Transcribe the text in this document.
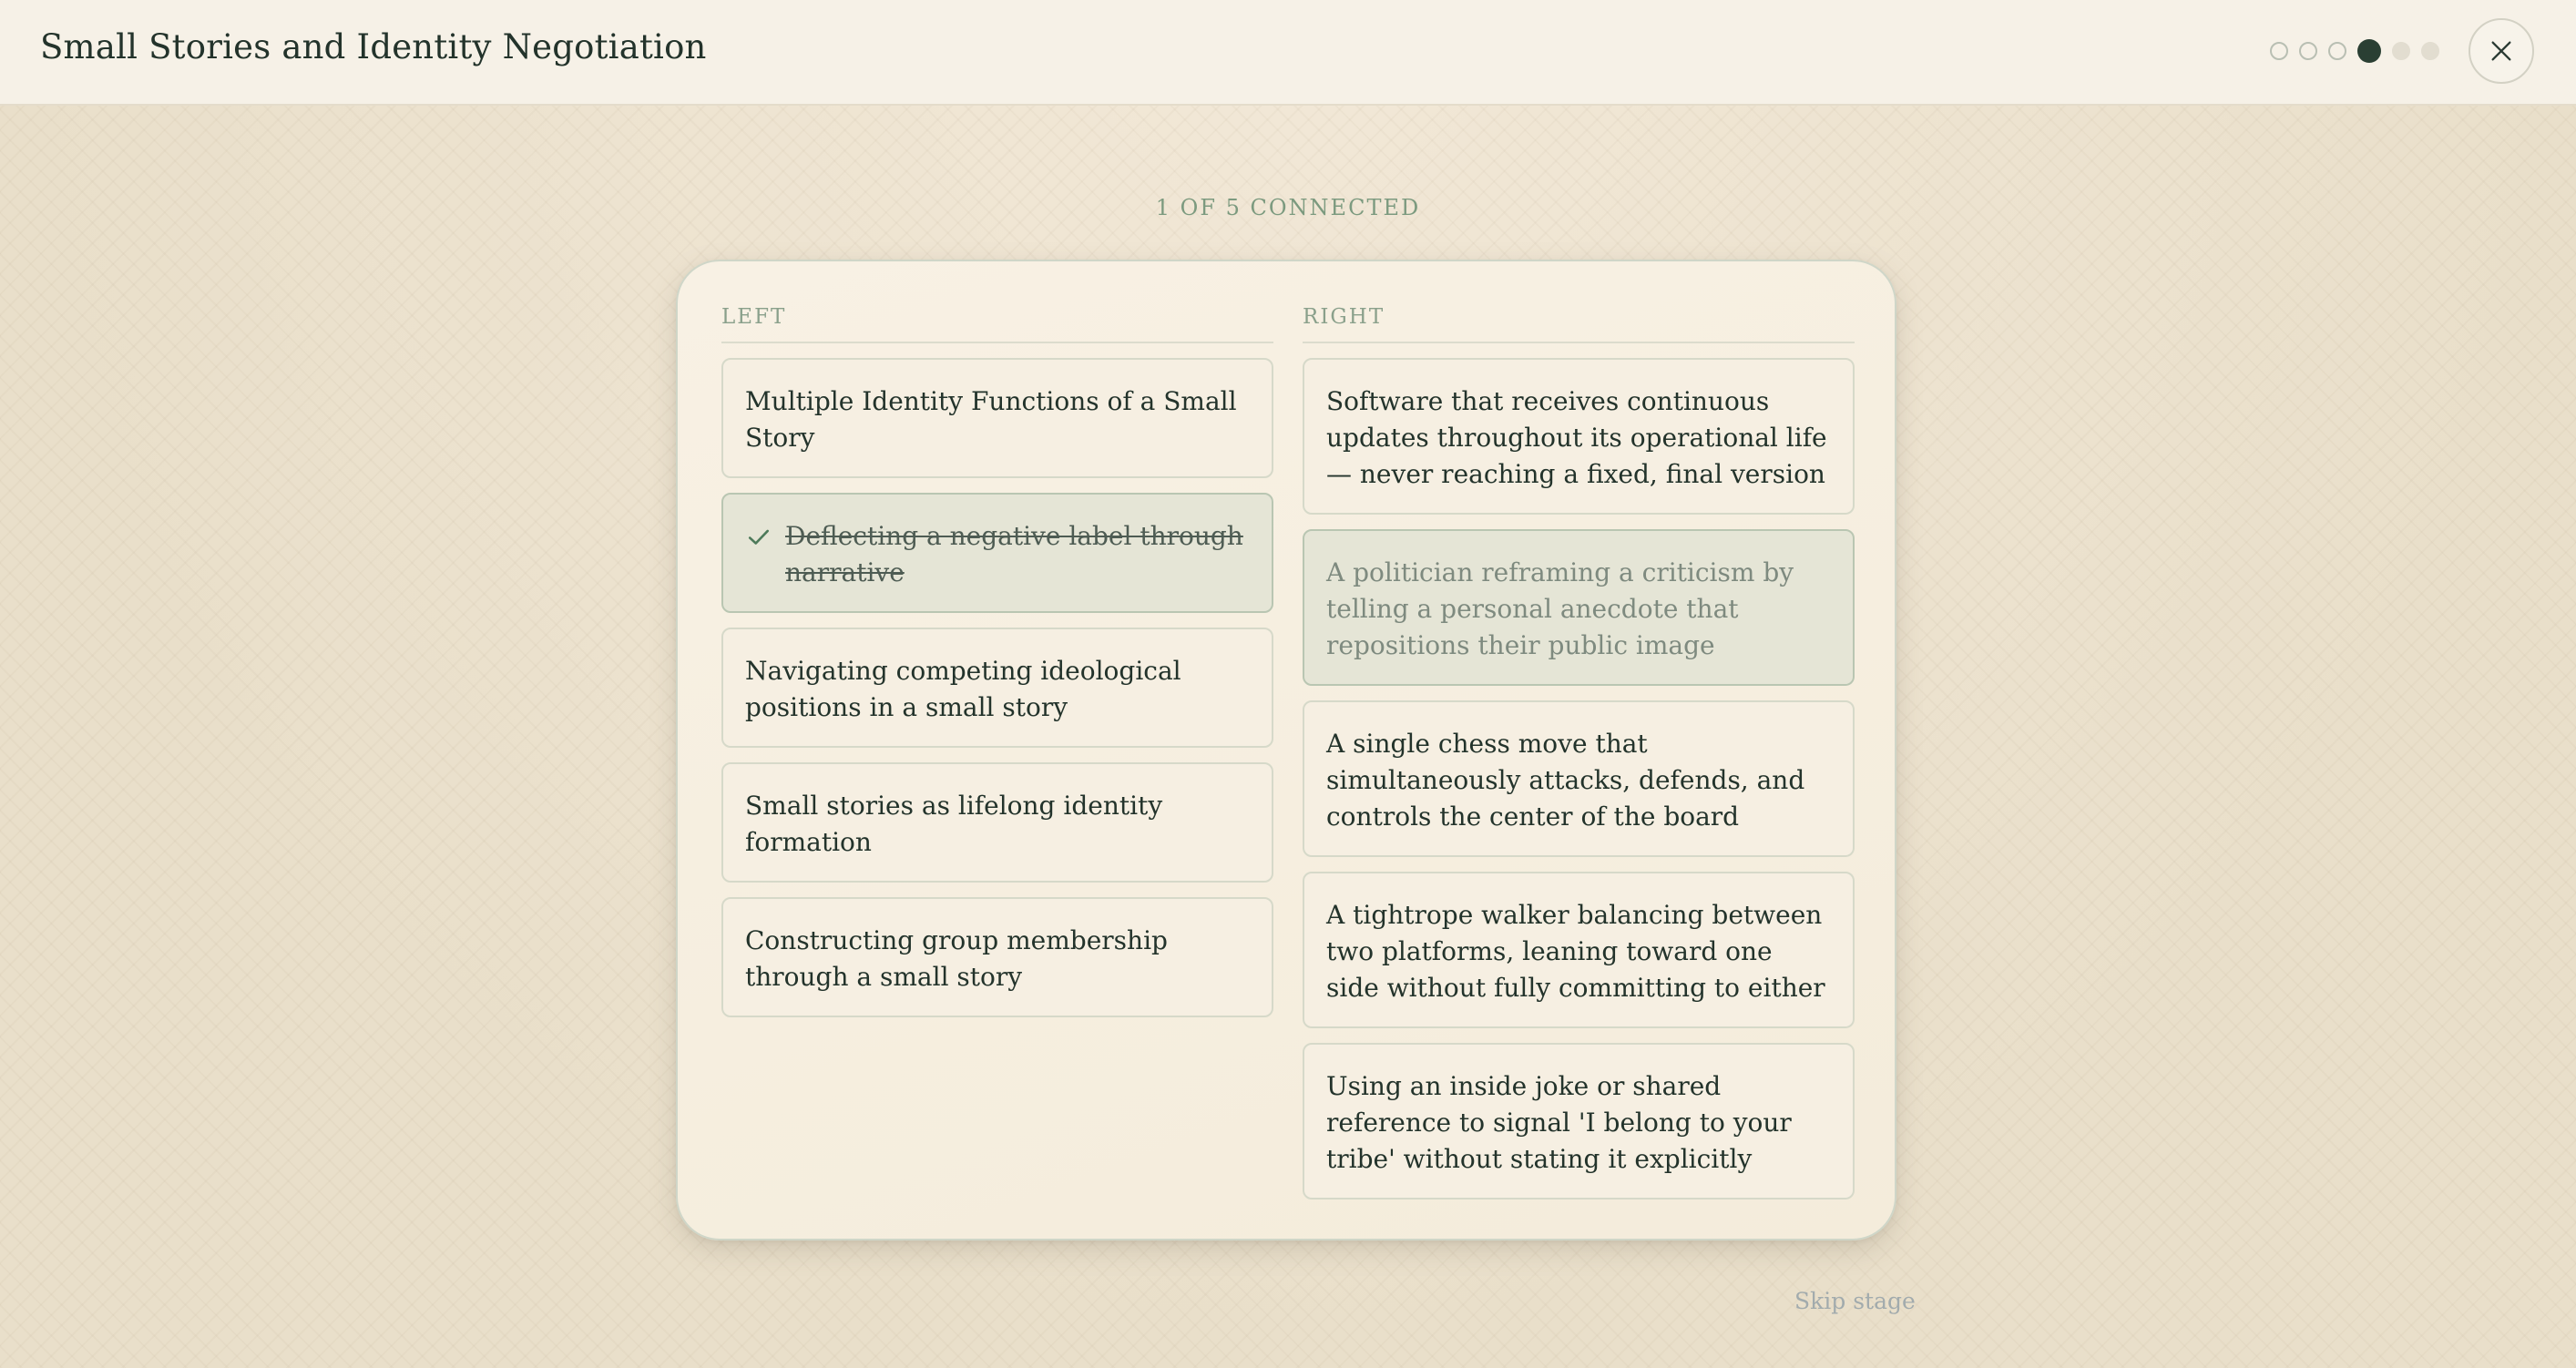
Small Stories and Identity Negotiation
1 OF 5 CONNECTED
LEFT
Multiple Identity Functions of a Small Story
Deflecting a negative label through narrative
Navigating competing ideological positions in a small story
Small stories as lifelong identity formation
Constructing group membership through a small story
RIGHT
Software that receives continuous updates throughout its operational life — never reaching a fixed, final version
A politician reframing a criticism by telling a personal anecdote that repositions their public image
A single chess move that simultaneously attacks, defends, and controls the center of the board
A tightrope walker balancing between two platforms, leaning toward one side without fully committing to either
Using an inside joke or shared reference to signal 'I belong to your tribe' without stating it explicitly
Skip stage
